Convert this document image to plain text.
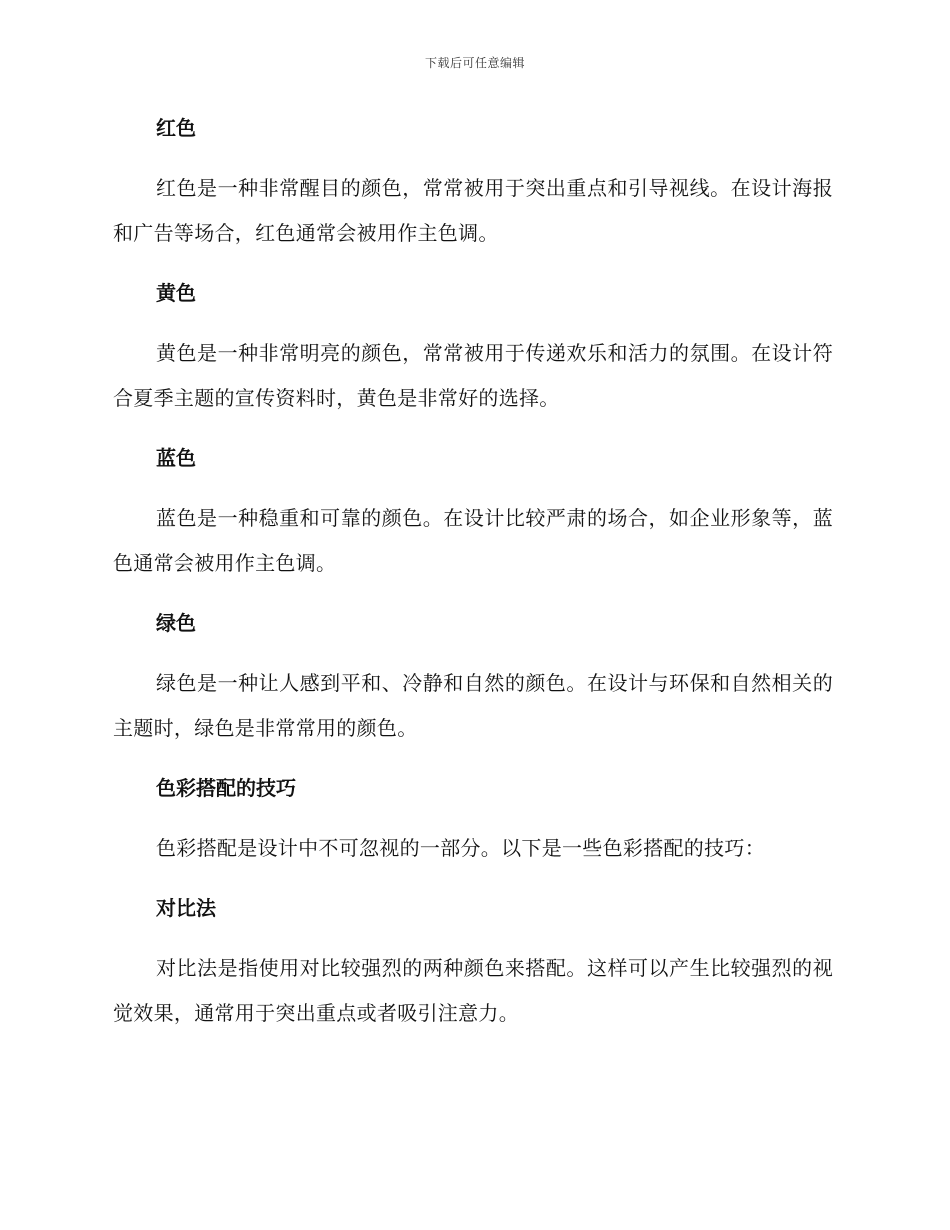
下载后可任意编辑
红色

红色是一种非常醒目的颜色，常常被用于突出重点和引导视线。在设计海报和广告等场合，红色通常会被用作主色调。

黄色

黄色是一种非常明亮的颜色，常常被用于传递欢乐和活力的氛围。在设计符合夏季主题的宣传资料时，黄色是非常好的选择。

蓝色

蓝色是一种稳重和可靠的颜色。在设计比较严肃的场合，如企业形象等，蓝色通常会被用作主色调。

绿色

绿色是一种让人感到平和、冷静和自然的颜色。在设计与环保和自然相关的主题时，绿色是非常常用的颜色。

色彩搭配的技巧

色彩搭配是设计中不可忽视的一部分。以下是一些色彩搭配的技巧：

对比法

对比法是指使用对比较强烈的两种颜色来搭配。这样可以产生比较强烈的视觉效果，通常用于突出重点或者吸引注意力。
